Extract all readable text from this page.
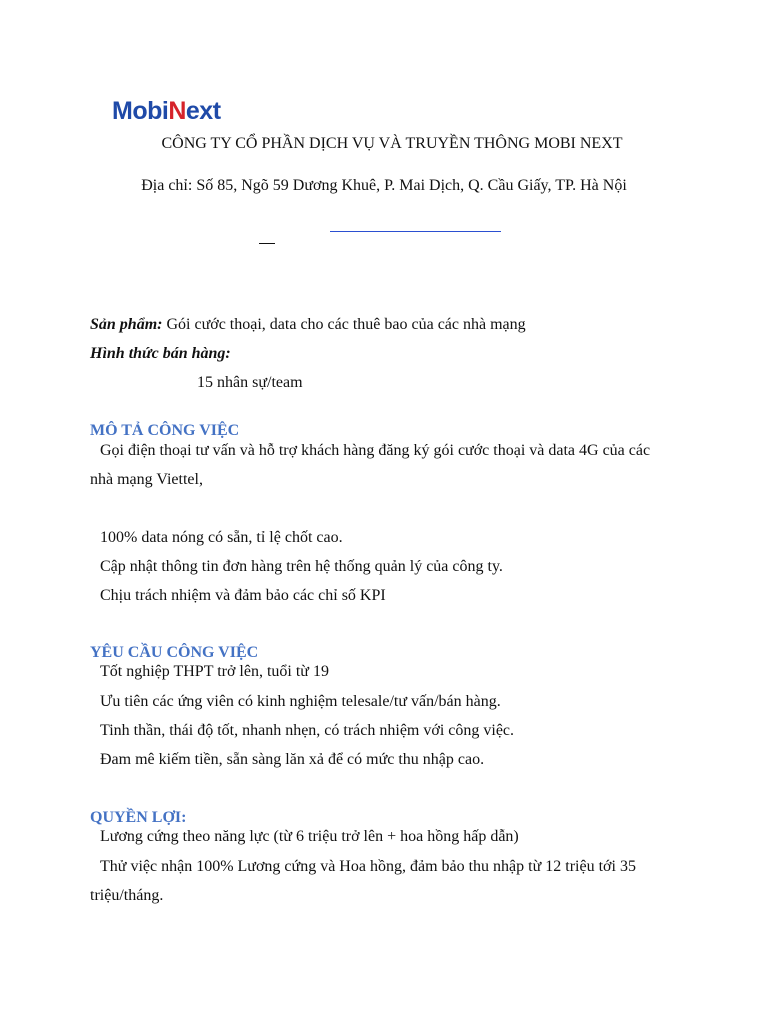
MobiNext
CÔNG TY CỔ PHẦN DỊCH VỤ VÀ TRUYỀN THÔNG MOBI NEXT
Địa chỉ: Số 85, Ngõ 59 Dương Khuê, P. Mai Dịch, Q. Cầu Giấy, TP. Hà Nội
Sản phẩm: Gói cước thoại, data cho các thuê bao của các nhà mạng
Hình thức bán hàng:
15 nhân sự/team
MÔ TẢ CÔNG VIỆC
Gọi điện thoại tư vấn và hỗ trợ khách hàng đăng ký gói cước thoại và data 4G của các
nhà mạng Viettel,
100% data nóng có sẵn, tỉ lệ chốt cao.
Cập nhật thông tin đơn hàng trên hệ thống quản lý của công ty.
Chịu trách nhiệm và đảm bảo các chỉ số KPI
YÊU CẦU CÔNG VIỆC
Tốt nghiệp THPT trở lên, tuổi từ 19
Ưu tiên các ứng viên có kinh nghiệm telesale/tư vấn/bán hàng.
Tinh thần, thái độ tốt, nhanh nhẹn, có trách nhiệm với công việc.
Đam mê kiếm tiền, sẵn sàng lăn xả để có mức thu nhập cao.
QUYỀN LỢI:
Lương cứng theo năng lực (từ 6 triệu trở lên + hoa hồng hấp dẫn)
Thử việc nhận 100% Lương cứng và Hoa hồng, đảm bảo thu nhập từ 12 triệu tới 35
triệu/tháng.
